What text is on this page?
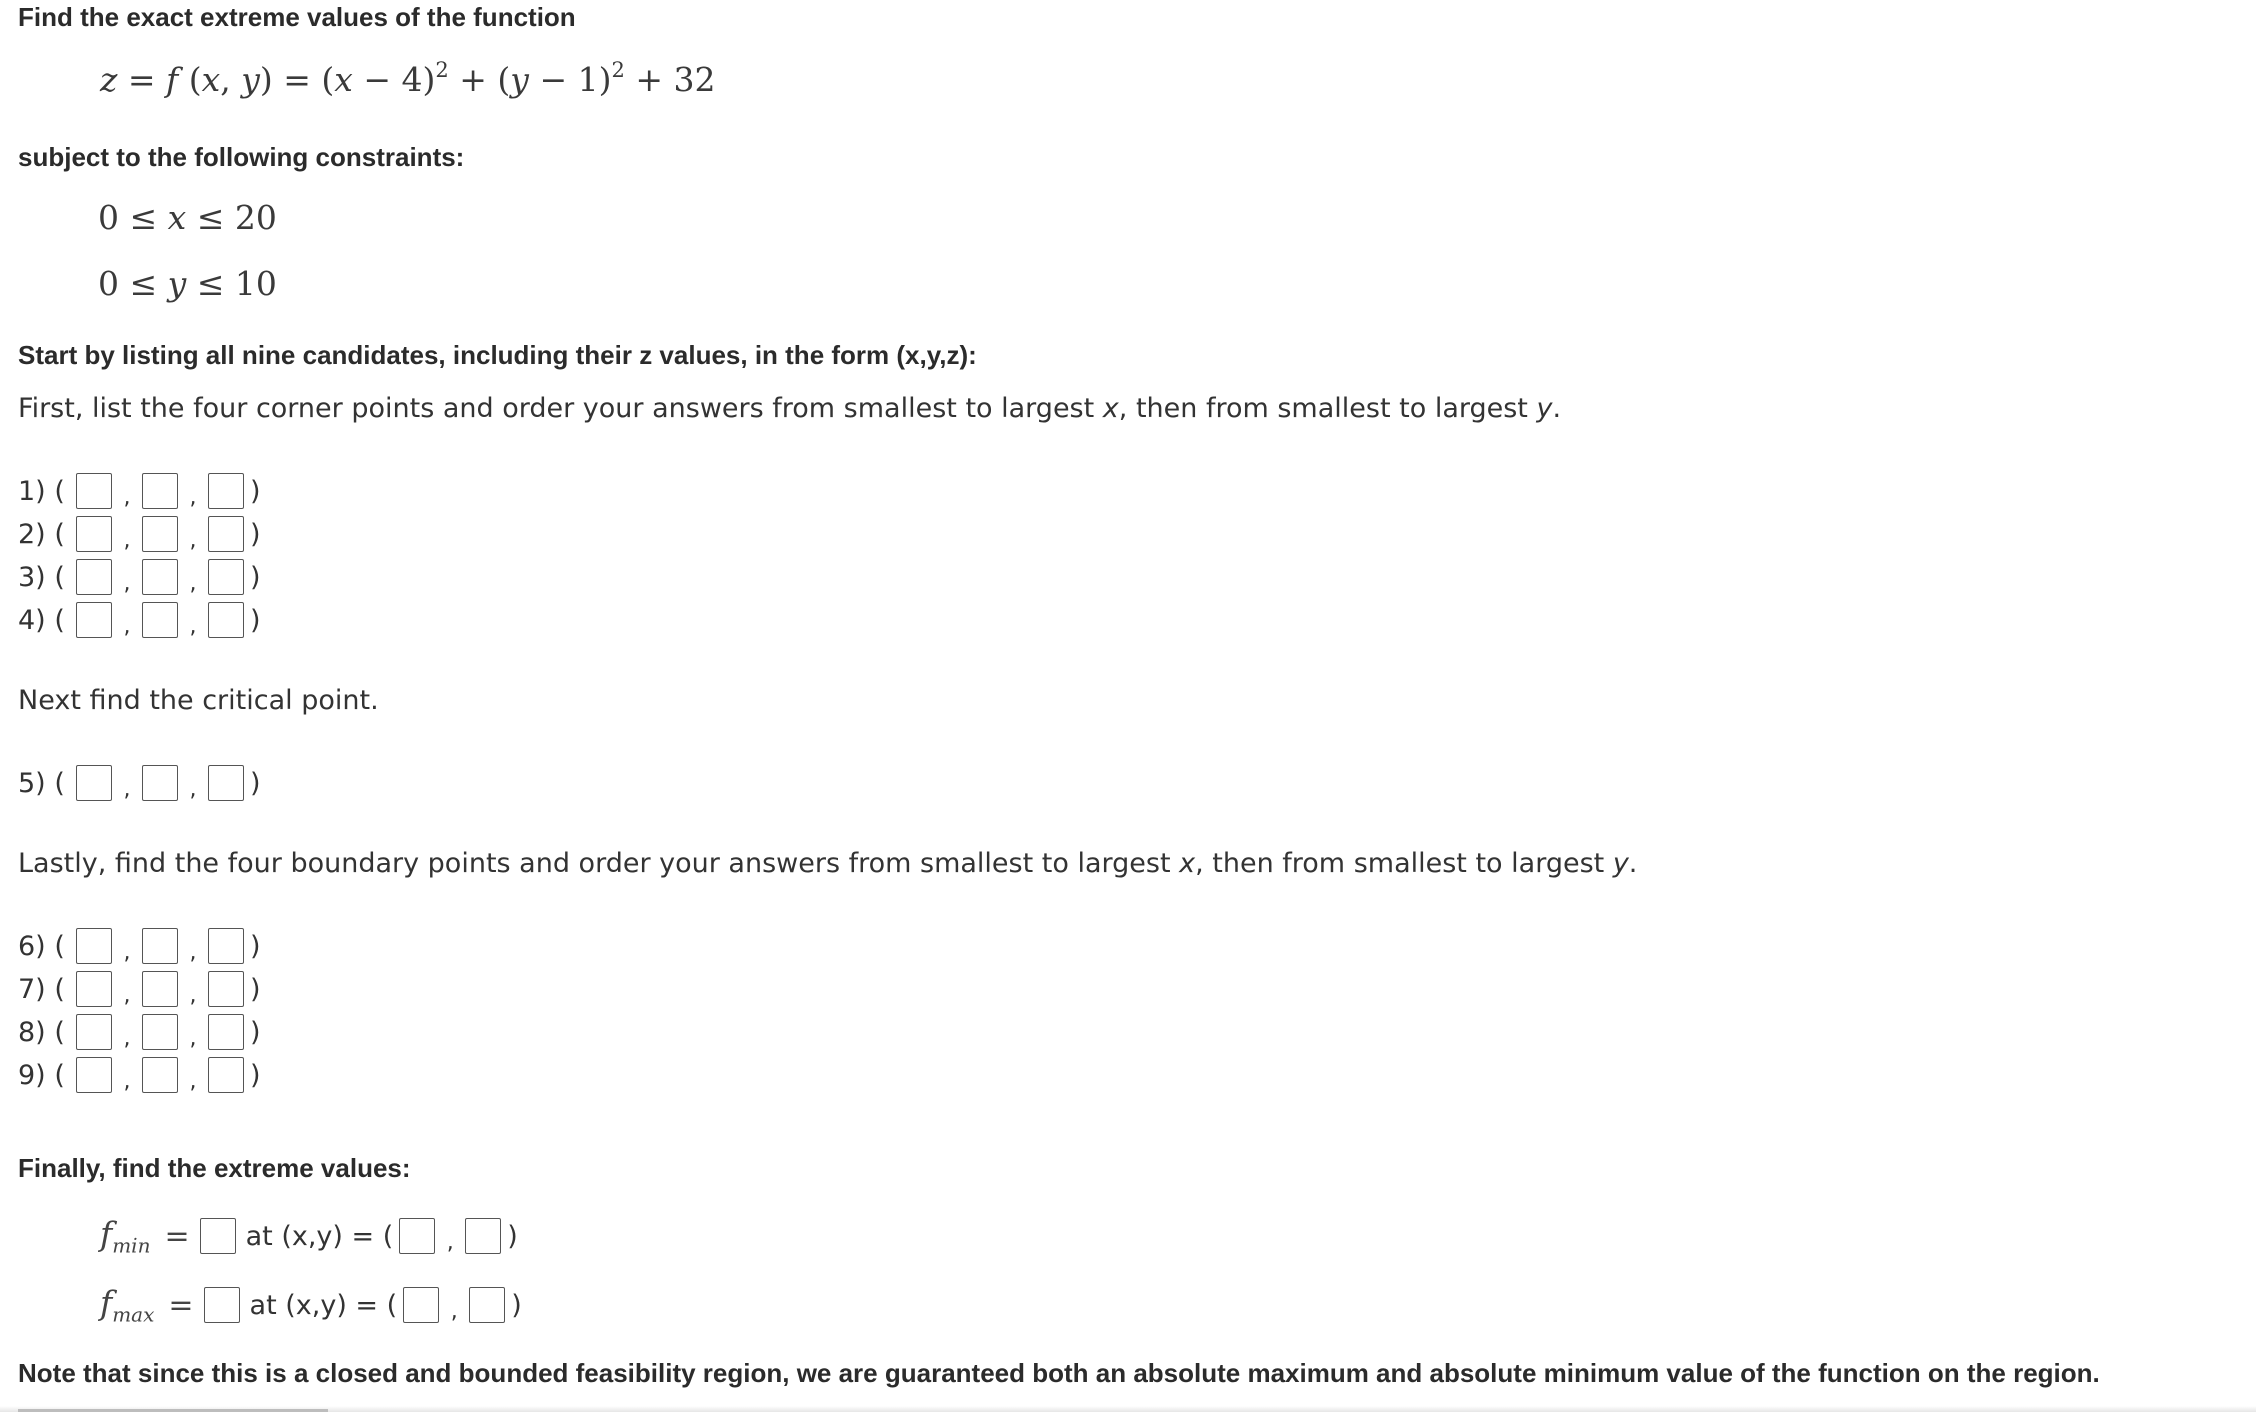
Find the exact extreme values of the function
z = f (x, $y) = (x - 4)^2 + (y - 1)^2 + 32$
subject to the following constraints:
0 ≤ x ≤ 20
0 ≤ y ≤ 10
Start by listing all nine candidates, including their z values, in the form (x,y,z):
First, list the four corner points and order your answers from smallest to largest x, then from smallest to largest y.
1) (	,	,	)
2) (	,	,	)
3) (	,	,	)
4) (	,	,	)
Next find the critical point.
5) (	,	,	)
Lastly, find the four boundary points and order your answers from smallest to largest x, then from smallest to largest y.
6) (	,	,	)
7) (	,	,	)
8) (	,	,	)
9) (	,	,	)
Finally, find the extreme values:
$f_{min}$ = at (x,y) = (	,	)
$f_{max}$ = at (x,y) = (	,	)
Note that since this is a closed and bounded feasibility region, we are guaranteed both an absolute maximum and absolute minimum value of the function on the region.
